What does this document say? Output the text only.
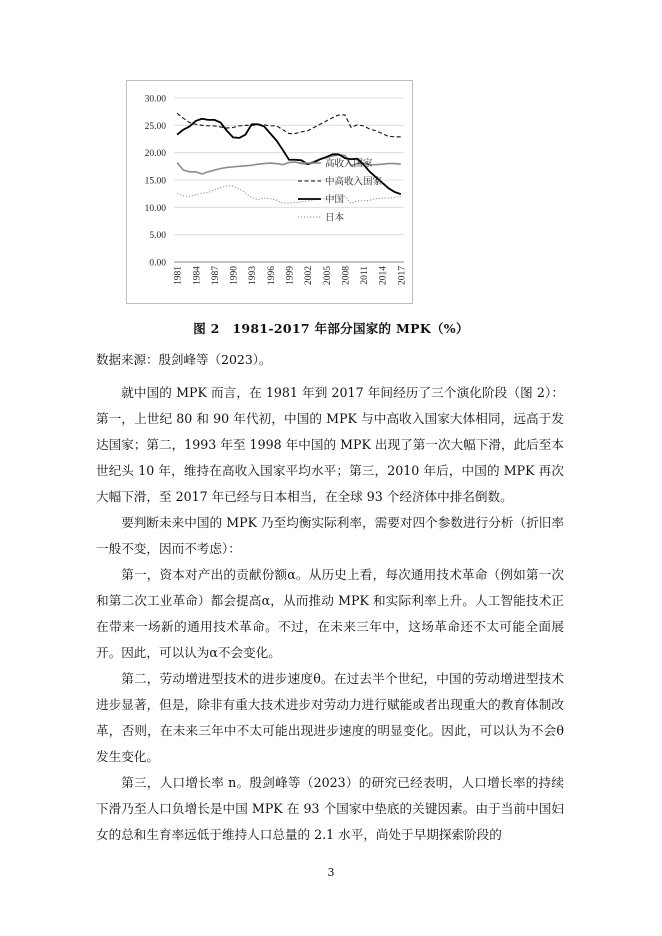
0.00
5.00
10.00
15.00
20.00
25.00
30.00
1981 1984 1987 1990 1993 1996 1999 2002 2005 2008 2011 2014 2017
高收入国家
中高收入国家
中国
日本
图 2　1981-2017 年部分国家的 MPK（%）
数据来源：殷剑峰等（2023）。

就中国的 MPK 而言，在 1981 年到 2017 年间经历了三个演化阶段（图 2）：第一，上世纪 80 和 90 年代初，中国的 MPK 与中高收入国家大体相同，远高于发达国家；第二，1993 年至 1998 年中国的 MPK 出现了第一次大幅下滑，此后至本世纪头 10 年，维持在高收入国家平均水平；第三，2010 年后，中国的 MPK 再次大幅下滑，至 2017 年已经与日本相当，在全球 93 个经济体中排名倒数。

要判断未来中国的 MPK 乃至均衡实际利率，需要对四个参数进行分析（折旧率一般不变，因而不考虑）：

第一，资本对产出的贡献份额α。从历史上看，每次通用技术革命（例如第一次和第二次工业革命）都会提高α，从而推动 MPK 和实际利率上升。人工智能技术正在带来一场新的通用技术革命。不过，在未来三年中，这场革命还不太可能全面展开。因此，可以认为α不会变化。

第二，劳动增进型技术的进步速度θ。在过去半个世纪，中国的劳动增进型技术进步显著，但是，除非有重大技术进步对劳动力进行赋能或者出现重大的教育体制改革，否则，在未来三年中不太可能出现进步速度的明显变化。因此，可以认为不会θ发生变化。

第三，人口增长率 n。殷剑峰等（2023）的研究已经表明，人口增长率的持续下滑乃至人口负增长是中国 MPK 在 93 个国家中垫底的关键因素。由于当前中国妇女的总和生育率远低于维持人口总量的 2.1 水平，尚处于早期探索阶段的

3
